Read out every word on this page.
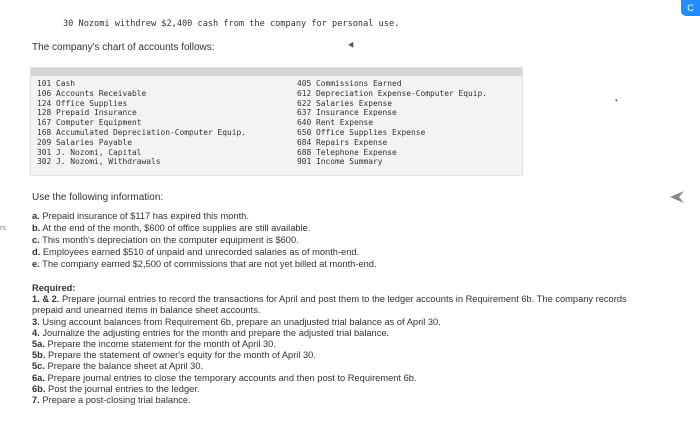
30 Nozomi withdrew $2,400 cash from the company for personal use.
The company's chart of accounts follows:
101 Cash
106 Accounts Receivable
124 Office Supplies
128 Prepaid Insurance
167 Computer Equipment
168 Accumulated Depreciation-Computer Equip.
209 Salaries Payable
301 J. Nozomi, Capital
302 J. Nozomi, Withdrawals
405 Commissions Earned
612 Depreciation Expense-Computer Equip.
622 Salaries Expense
637 Insurance Expense
640 Rent Expense
650 Office Supplies Expense
684 Repairs Expense
688 Telephone Expense
901 Income Summary
•
rs
Use the following information:
a. Prepaid insurance of $117 has expired this month.
b. At the end of the month, $600 of office supplies are still available.
c. This month's depreciation on the computer equipment is $600.
d. Employees earned $510 of unpaid and unrecorded salaries as of month-end.
e. The company earned $2,500 of commissions that are not yet billed at month-end.
Required:
1. & 2. Prepare journal entries to record the transactions for April and post them to the ledger accounts in Requirement 6b. The company records prepaid and unearned items in balance sheet accounts.
3. Using account balances from Requirement 6b, prepare an unadjusted trial balance as of April 30.
4. Journalize the adjusting entries for the month and prepare the adjusted trial balance.
5a. Prepare the income statement for the month of April 30.
5b. Prepare the statement of owner's equity for the month of April 30.
5c. Prepare the balance sheet at April 30.
6a. Prepare journal entries to close the temporary accounts and then post to Requirement 6b.
6b. Post the journal entries to the ledger.
7. Prepare a post-closing trial balance.
C
